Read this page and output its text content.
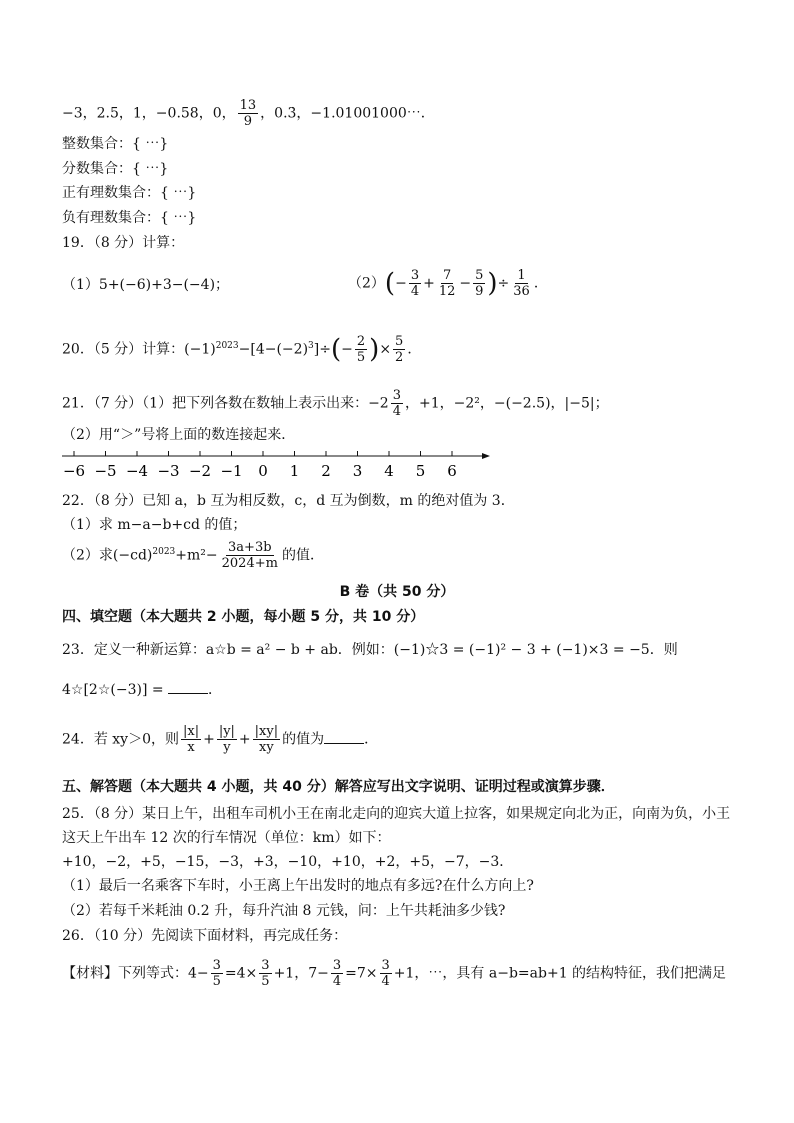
−3，2.5，1，−0.58，0， $\frac{13}{9}$ ，0.3̇，−1.01001000⋯．
整数集合：{ ⋯}
分数集合：{ ⋯}
正有理数集合：{ ⋯}
负有理数集合：{ ⋯}
19．（8 分）计算：
（1）5+(−6)+3−(−4)；	$(2)(- \frac{3}{4} + \frac{7}{12} - \frac{5}{9}$ )÷ $\frac{1}{36}$ ．
20．（5 分）计算：$(-1)^{2023}-[4-(-2)^3]\div(- \frac{2}{5}$ )× $\frac{5}{2}$ ．
21．（7 分）（1）把下列各数在数轴上表示出来：$-2 \frac{3}{4}$ ，+1，−2²，−(−2.5)，|−5|；
（2）用“＞”号将上面的数连接起来．
−6 −5 −4 −3 −2 −1 0 1 2 3 4 5 6
22．（8 分）已知 a，b 互为相反数，c，d 互为倒数，m 的绝对值为 3．
（1）求 m−a−b+cd 的值；
（2）求$(-cd)^{2023}+m^2- \frac{3a+3b}{2024+m}$ 的值．
B 卷（共 50 分）
四、填空题（本大题共 2 小题，每小题 5 分，共 10 分）
23．定义一种新运算：a☆b = a² − b + ab．例如：(−1)☆3 = (−1)² − 3 + (−1)×3 = −5．则
4☆[2☆(−3)] =	．
24．若 xy＞0，则 $\frac{|x|}{x} + \frac{|y|}{y} + \frac{|xy|}{xy}$ 的值为	．
五、解答题（本大题共 4 小题，共 40 分）解答应写出文字说明、证明过程或演算步骤．
25．（8 分）某日上午，出租车司机小王在南北走向的迎宾大道上拉客，如果规定向北为正，向南为负，小王
这天上午出车 12 次的行车情况（单位：km）如下：
+10，−2，+5，−15，−3，+3，−10，+10，+2，+5，−7，−3．
（1）最后一名乘客下车时，小王离上午出发时的地点有多远?在什么方向上?
（2）若每千米耗油 0.2 升，每升汽油 8 元钱，问：上午共耗油多少钱?
26．（10 分）先阅读下面材料，再完成任务：
【材料】下列等式：$4- \frac{3}{5} =4\times \frac{3}{5} +1$，$7- \frac{3}{4} =7\times \frac{3}{4} +1$，⋯，具有 a−b=ab+1 的结构特征，我们把满足
